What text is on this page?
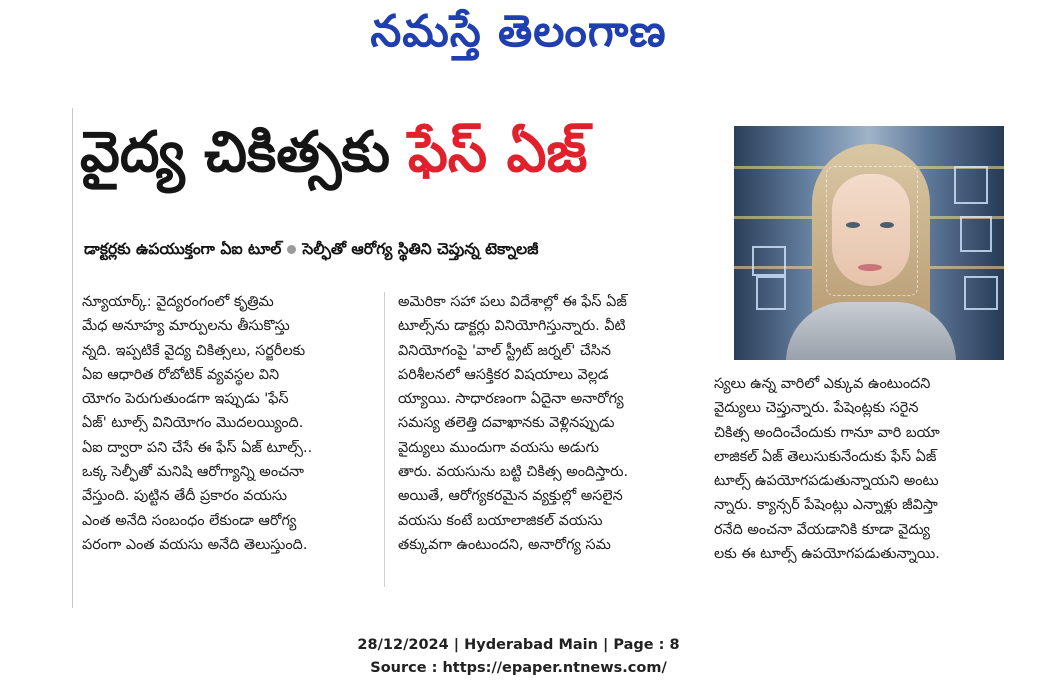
నమస్తే తెలంగాణ
వైద్య చికిత్సకు ఫేస్ ఏజ్
డాక్టర్లకు ఉపయుక్తంగా ఏఐ టూల్ సెల్ఫీతో ఆరోగ్య స్థితిని చెప్తున్న టెక్నాలజీ
న్యూయార్క్: వైద్యరంగంలో కృత్రిమ
మేధ అనూహ్య మార్పులను తీసుకొస్తు
న్నది. ఇప్పటికే వైద్య చికిత్సలు, సర్జరీలకు
ఏఐ ఆధారిత రోబోటిక్ వ్యవస్థల విని
యోగం పెరుగుతుండగా ఇప్పుడు 'ఫేస్
ఏజ్' టూల్స్ వినియోగం మొదలయ్యింది.
ఏఐ ద్వారా పని చేసే ఈ ఫేస్ ఏజ్ టూల్స్..
ఒక్క సెల్ఫీతో మనిషి ఆరోగ్యాన్ని అంచనా
వేస్తుంది. పుట్టిన తేదీ ప్రకారం వయసు
ఎంత అనేది సంబంధం లేకుండా ఆరోగ్య
పరంగా ఎంత వయసు అనేది తెలుస్తుంది.
అమెరికా సహా పలు విదేశాల్లో ఈ ఫేస్ ఏజ్
టూల్స్‌ను డాక్టర్లు వినియోగిస్తున్నారు. వీటి
వినియోగంపై 'వాల్ స్ట్రీట్ జర్నల్' చేసిన
పరిశీలనలో ఆసక్తికర విషయాలు వెల్లడ
య్యాయి. సాధారణంగా ఏదైనా అనారోగ్య
సమస్య తలెత్తి దవాఖానకు వెళ్లినప్పుడు
వైద్యులు ముందుగా వయసు అడుగు
తారు. వయసును బట్టి చికిత్స అందిస్తారు.
అయితే, ఆరోగ్యకరమైన వ్యక్తుల్లో అసలైన
వయసు కంటే బయాలాజికల్ వయసు
తక్కువగా ఉంటుందని, అనారోగ్య సమ
స్యలు ఉన్న వారిలో ఎక్కువ ఉంటుందని
వైద్యులు చెప్తున్నారు. పేషెంట్లకు సరైన
చికిత్స అందించేందుకు గానూ వారి బయా
లాజికల్ ఏజ్ తెలుసుకునేందుకు ఫేస్ ఏజ్
టూల్స్ ఉపయోగపడుతున్నాయని అంటు
న్నారు. క్యాన్సర్ పేషెంట్లు ఎన్నాళ్లు జీవిస్తా
రనేది అంచనా వేయడానికి కూడా వైద్యు
లకు ఈ టూల్స్ ఉపయోగపడుతున్నాయి.
28/12/2024 | Hyderabad Main | Page : 8
Source : https://epaper.ntnews.com/
